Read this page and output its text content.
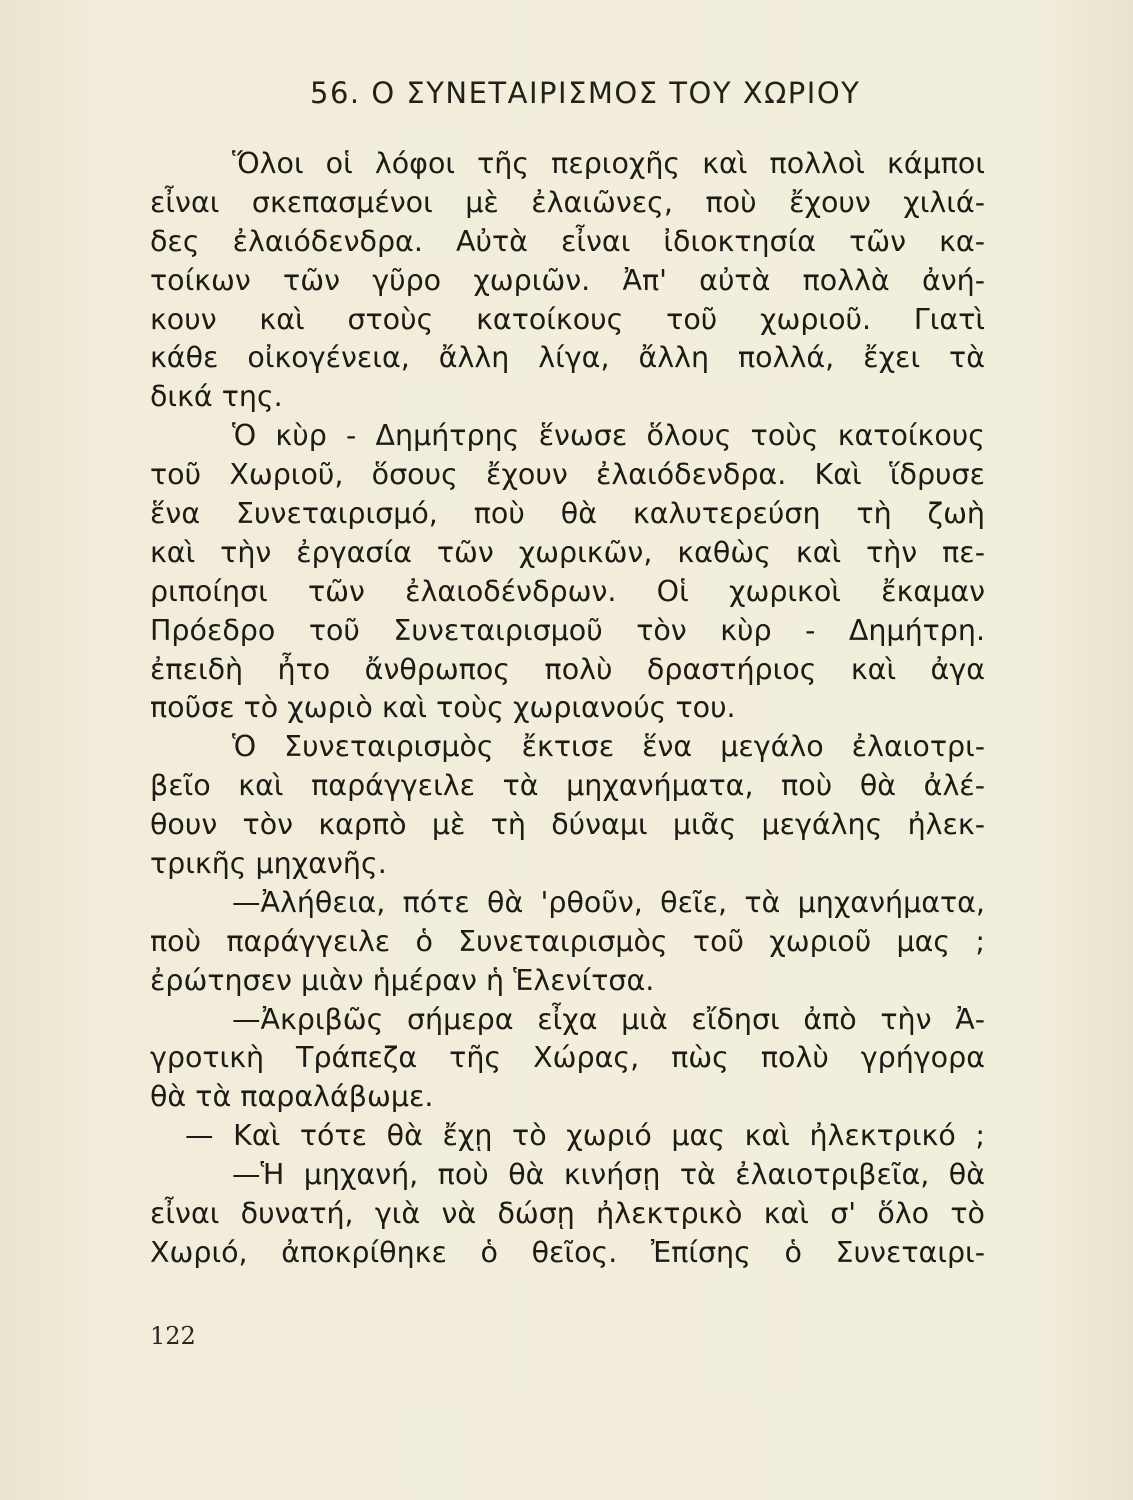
56. Ο ΣΥΝΕΤΑΙΡΙΣΜΟΣ ΤΟΥ ΧΩΡΙΟΥ
Ὅλοι οἱ λόφοι τῆς περιοχῆς καὶ πολλοὶ κάμποι
εἶναι σκεπασμένοι μὲ ἐλαιῶνες, ποὺ ἔχουν χιλιά-
δες ἐλαιόδενδρα. Αὐτὰ εἶναι ἰδιοκτησία τῶν κα-
τοίκων τῶν γῦρο χωριῶν. Ἀπ' αὐτὰ πολλὰ ἀνή-
κουν καὶ στοὺς κατοίκους τοῦ χωριοῦ. Γιατὶ
κάθε οἰκογένεια, ἄλλη λίγα, ἄλλη πολλά, ἔχει τὰ
δικά της.
Ὁ κὺρ - Δημήτρης ἕνωσε ὅλους τοὺς κατοίκους
τοῦ Χωριοῦ, ὅσους ἔχουν ἐλαιόδενδρα. Καὶ ἵδρυσε
ἕνα Συνεταιρισμό, ποὺ θὰ καλυτερεύση τὴ ζωὴ
καὶ τὴν ἐργασία τῶν χωρικῶν, καθὼς καὶ τὴν πε-
ριποίησι τῶν ἐλαιοδένδρων. Οἱ χωρικοὶ ἔκαμαν
Πρόεδρο τοῦ Συνεταιρισμοῦ τὸν κὺρ - Δημήτρη.
ἐπειδὴ ἦτο ἄνθρωπος πολὺ δραστήριος καὶ ἀγα
ποῦσε τὸ χωριὸ καὶ τοὺς χωριανούς του.
Ὁ Συνεταιρισμὸς ἔκτισε ἕνα μεγάλο ἐλαιοτρι-
βεῖο καὶ παράγγειλε τὰ μηχανήματα, ποὺ θὰ ἀλέ-
θουν τὸν καρπὸ μὲ τὴ δύναμι μιᾶς μεγάλης ἠλεκ-
τρικῆς μηχανῆς.
—Ἀλήθεια, πότε θὰ 'ρθοῦν, θεῖε, τὰ μηχανήματα,
ποὺ παράγγειλε ὁ Συνεταιρισμὸς τοῦ χωριοῦ μας ;
ἐρώτησεν μιὰν ἡμέραν ἡ Ἑλενίτσα.
—Ἀκριβῶς σήμερα εἶχα μιὰ εἴδησι ἀπὸ τὴν Ἀ-
γροτικὴ Τράπεζα τῆς Χώρας, πὼς πολὺ γρήγορα
θὰ τὰ παραλάβωμε.
— Καὶ τότε θὰ ἔχῃ τὸ χωριό μας καὶ ἠλεκτρικό ;
—Ἡ μηχανή, ποὺ θὰ κινήσῃ τὰ ἐλαιοτριβεῖα, θὰ
εἶναι δυνατή, γιὰ νὰ δώσῃ ἠλεκτρικὸ καὶ σ' ὅλο τὸ
Χωριό, ἀποκρίθηκε ὁ θεῖος. Ἐπίσης ὁ Συνεταιρι-
122
